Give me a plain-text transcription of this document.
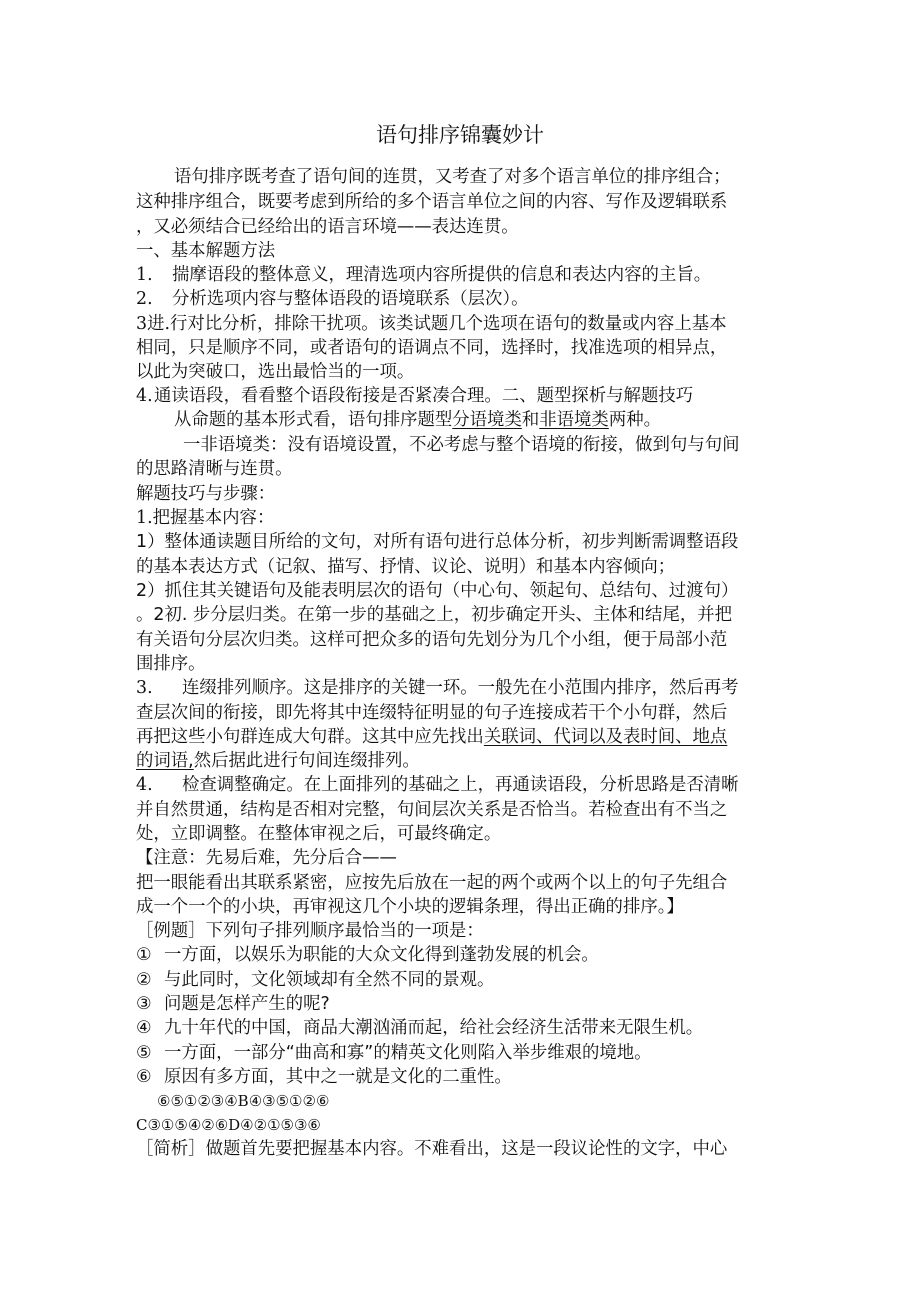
语句排序锦囊妙计
语句排序既考查了语句间的连贯，又考查了对多个语言单位的排序组合；
这种排序组合，既要考虑到所给的多个语言单位之间的内容、写作及逻辑联系
，又必须结合已经给出的语言环境——表达连贯。
一、基本解题方法
1. 揣摩语段的整体意义，理清选项内容所提供的信息和表达内容的主旨。
2. 分析选项内容与整体语段的语境联系（层次）。
3进.行对比分析，排除干扰项。该类试题几个选项在语句的数量或内容上基本
相同，只是顺序不同，或者语句的语调点不同，选择时，找准选项的相异点，
以此为突破口，选出最恰当的一项。
4.通读语段，看看整个语段衔接是否紧凑合理。二、题型探析与解题技巧
从命题的基本形式看，语句排序题型分语境类和非语境类两种。
一非语境类：没有语境设置，不必考虑与整个语境的衔接，做到句与句间
的思路清晰与连贯。
解题技巧与步骤：
1.把握基本内容：
1）整体通读题目所给的文句，对所有语句进行总体分析，初步判断需调整语段
的基本表达方式（记叙、描写、抒情、议论、说明）和基本内容倾向；
2）抓住其关键语句及能表明层次的语句（中心句、领起句、总结句、过渡句）
。2初. 步分层归类。在第一步的基础之上，初步确定开头、主体和结尾，并把
有关语句分层次归类。这样可把众多的语句先划分为几个小组，便于局部小范
围排序。
3. 连缀排列顺序。这是排序的关键一环。一般先在小范围内排序，然后再考
查层次间的衔接，即先将其中连缀特征明显的句子连接成若干个小句群，然后
再把这些小句群连成大句群。这其中应先找出关联词、代词以及表时间、地点
的词语,然后据此进行句间连缀排列。
4. 检查调整确定。在上面排列的基础之上，再通读语段，分析思路是否清晰
并自然贯通，结构是否相对完整，句间层次关系是否恰当。若检查出有不当之
处，立即调整。在整体审视之后，可最终确定。
【注意：先易后难，先分后合——
把一眼能看出其联系紧密，应按先后放在一起的两个或两个以上的句子先组合
成一个一个的小块，再审视这几个小块的逻辑条理，得出正确的排序。】
［例题］下列句子排列顺序最恰当的一项是：
① 一方面，以娱乐为职能的大众文化得到蓬勃发展的机会。
② 与此同时，文化领域却有全然不同的景观。
③ 问题是怎样产生的呢?
④ 九十年代的中国，商品大潮汹涌而起，给社会经济生活带来无限生机。
⑤ 一方面，一部分“曲高和寡”的精英文化则陷入举步维艰的境地。
⑥ 原因有多方面，其中之一就是文化的二重性。
⑥⑤①②③④B④③⑤①②⑥
C③①⑤④②⑥D④②①⑤③⑥
［简析］做题首先要把握基本内容。不难看出，这是一段议论性的文字，中心
